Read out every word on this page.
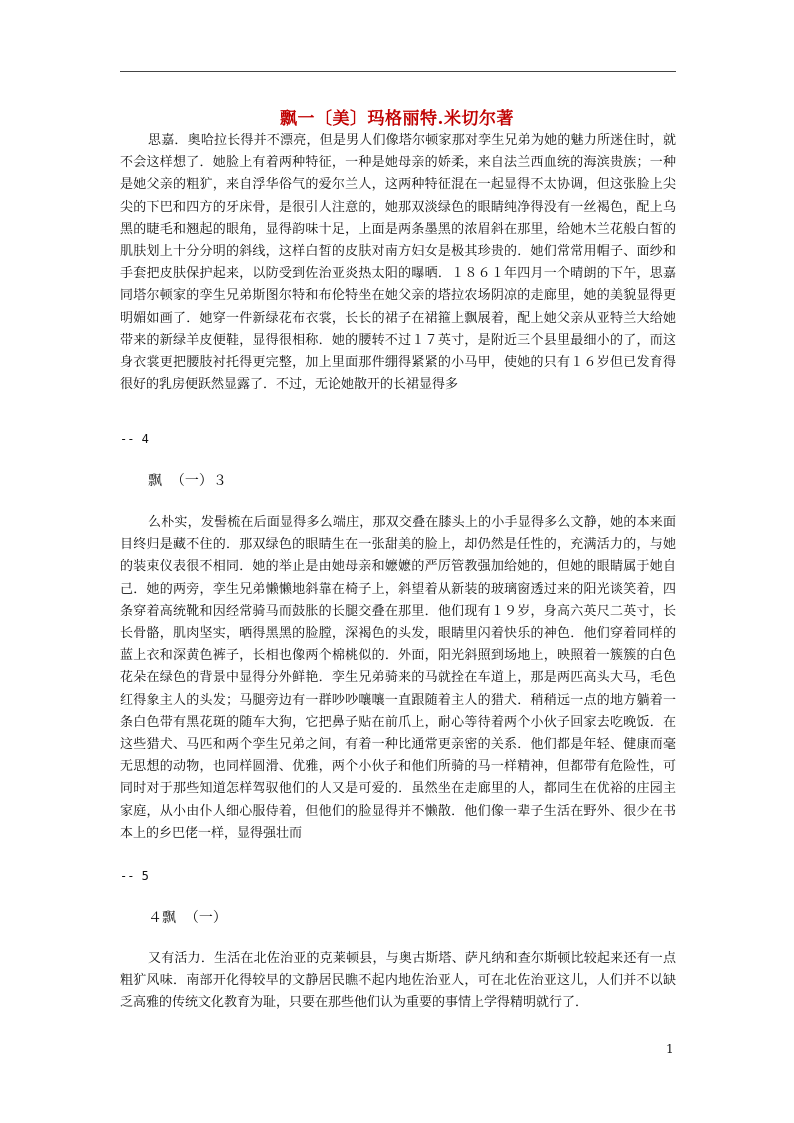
飘一〔美〕玛格丽特.米切尔著

思嘉．奥哈拉长得并不漂亮，但是男人们像塔尔顿家那对孪生兄弟为她的魅力所迷住时，就不会这样想了．她脸上有着两种特征，一种是她母亲的娇柔，来自法兰西血统的海滨贵族；一种是她父亲的粗犷，来自浮华俗气的爱尔兰人，这两种特征混在一起显得不太协调，但这张脸上尖尖的下巴和四方的牙床骨，是很引人注意的，她那双淡绿色的眼睛纯净得没有一丝褐色，配上乌黑的睫毛和翘起的眼角，显得韵味十足，上面是两条墨黑的浓眉斜在那里，给她木兰花般白皙的肌肤划上十分分明的斜线，这样白皙的皮肤对南方妇女是极其珍贵的．她们常常用帽子、面纱和手套把皮肤保护起来，以防受到佐治亚炎热太阳的曝晒．１８６１年四月一个晴朗的下午，思嘉同塔尔顿家的孪生兄弟斯图尔特和布伦特坐在她父亲的塔拉农场阴凉的走廊里，她的美貌显得更明媚如画了．她穿一件新绿花布衣裳，长长的裙子在裙箍上飘展着，配上她父亲从亚特兰大给她带来的新绿羊皮便鞋，显得很相称．她的腰转不过１７英寸，是附近三个县里最细小的了，而这身衣裳更把腰肢衬托得更完整，加上里面那件绷得紧紧的小马甲，使她的只有１６岁但已发育得很好的乳房便跃然显露了．不过，无论她散开的长裙显得多

-- 4
飘  （一）３

么朴实，发髻梳在后面显得多么端庄，那双交叠在膝头上的小手显得多么文静，她的本来面目终归是藏不住的．那双绿色的眼睛生在一张甜美的脸上，却仍然是任性的，充满活力的，与她的装束仪表很不相同．她的举止是由她母亲和嬷嬷的严厉管教强加给她的，但她的眼睛属于她自己．她的两旁，孪生兄弟懒懒地斜靠在椅子上，斜望着从新装的玻璃窗透过来的阳光谈笑着，四条穿着高统靴和因经常骑马而鼓胀的长腿交叠在那里．他们现有１９岁，身高六英尺二英寸，长长骨骼，肌肉坚实，晒得黑黑的脸膛，深褐色的头发，眼睛里闪着快乐的神色．他们穿着同样的蓝上衣和深黄色裤子，长相也像两个棉桃似的．外面，阳光斜照到场地上，映照着一簇簇的白色花朵在绿色的背景中显得分外鲜艳．孪生兄弟骑来的马就拴在车道上，那是两匹高头大马，毛色红得象主人的头发；马腿旁边有一群吵吵嚷嚷一直跟随着主人的猎犬．稍稍远一点的地方躺着一条白色带有黑花斑的随车大狗，它把鼻子贴在前爪上，耐心等待着两个小伙子回家去吃晚饭．在这些猎犬、马匹和两个孪生兄弟之间，有着一种比通常更亲密的关系．他们都是年轻、健康而毫无思想的动物，也同样圆滑、优雅，两个小伙子和他们所骑的马一样精神，但都带有危险性，可同时对于那些知道怎样驾驭他们的人又是可爱的．虽然坐在走廊里的人，都同生在优裕的庄园主家庭，从小由仆人细心服侍着，但他们的脸显得并不懒散．他们像一辈子生活在野外、很少在书本上的乡巴佬一样，显得强壮而

-- 5
４飘  （一）

又有活力．生活在北佐治亚的克莱顿县，与奥古斯塔、萨凡纳和查尔斯顿比较起来还有一点粗犷风味．南部开化得较早的文静居民瞧不起内地佐治亚人，可在北佐治亚这儿，人们并不以缺乏高雅的传统文化教育为耻，只要在那些他们认为重要的事情上学得精明就行了．

1
